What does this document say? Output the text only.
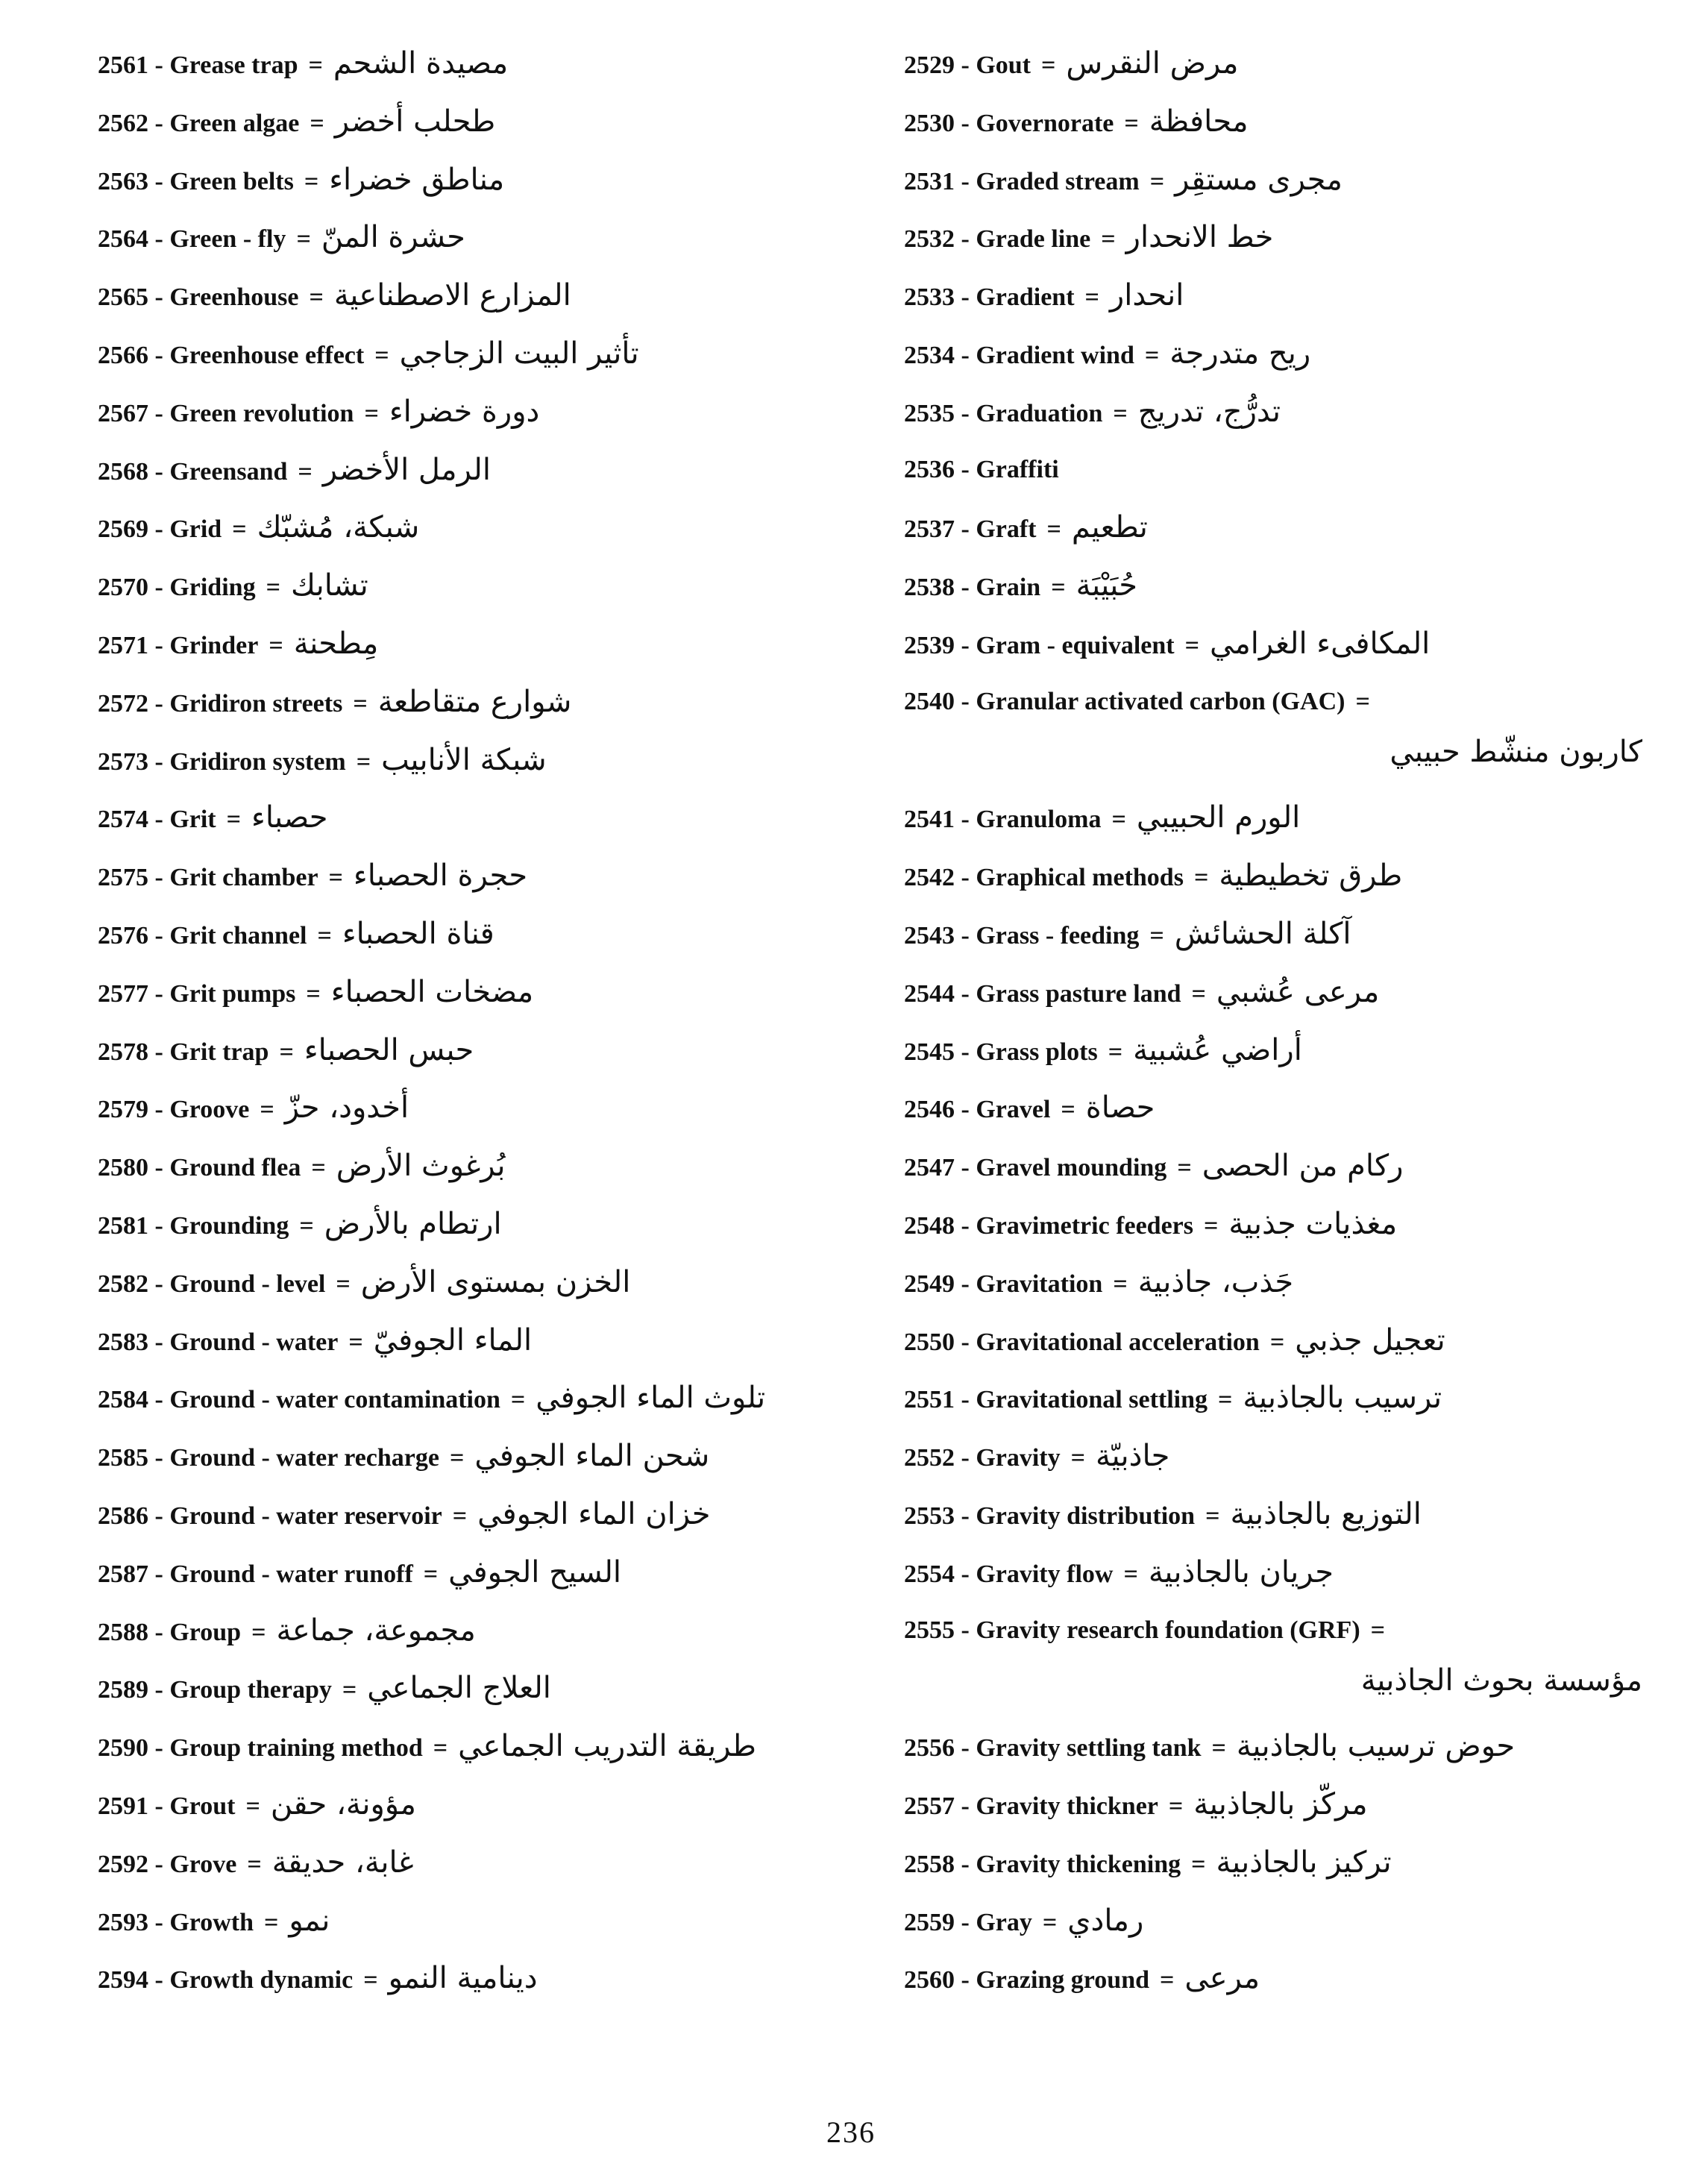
2561 - Grease trap = مصيدة الشحم
2562 - Green algae = طحلب أخضر
2563 - Green belts = مناطق خضراء
2564 - Green - fly = حشرة المنّ
2565 - Greenhouse = المزارع الاصطناعية
2566 - Greenhouse effect = تأثير البيت الزجاجي
2567 - Green revolution = دورة خضراء
2568 - Greensand = الرمل الأخضر
2569 - Grid = شبكة، مُشبّك
2570 - Griding = تشابك
2571 - Grinder = مِطحنة
2572 - Gridiron streets = شوارع متقاطعة
2573 - Gridiron system = شبكة الأنابيب
2574 - Grit = حصباء
2575 - Grit chamber = حجرة الحصباء
2576 - Grit channel = قناة الحصباء
2577 - Grit pumps = مضخات الحصباء
2578 - Grit trap = حبس الحصباء
2579 - Groove = أخدود، حزّ
2580 - Ground flea = بُرغوث الأرض
2581 - Grounding = ارتطام بالأرض
2582 - Ground - level = الخزن بمستوى الأرض
2583 - Ground - water = الماء الجوفيّ
2584 - Ground - water contamination = تلوث الماء الجوفي
2585 - Ground - water recharge = شحن الماء الجوفي
2586 - Ground - water reservoir = خزان الماء الجوفي
2587 - Ground - water runoff = السيح الجوفي
2588 - Group = مجموعة، جماعة
2589 - Group therapy = العلاج الجماعي
2590 - Group training method = طريقة التدريب الجماعي
2591 - Grout = مؤونة، حقن
2592 - Grove = غابة، حديقة
2593 - Growth = نمو
2594 - Growth dynamic = دينامية النمو
2529 - Gout = مرض النقرس
2530 - Governorate = محافظة
2531 - Graded stream = مجرى مستقِر
2532 - Grade line = خط الانحدار
2533 - Gradient = انحدار
2534 - Gradient wind = ريح متدرجة
2535 - Graduation = تدرُّج، تدريج
2536 - Graffiti
2537 - Graft = تطعيم
2538 - Grain = حُبَيْبَة
2539 - Gram - equivalent = المكافىء الغرامي
2540 - Granular activated carbon (GAC) =
كاربون منشّط حبيبي
2541 - Granuloma = الورم الحبيبي
2542 - Graphical methods = طرق تخطيطية
2543 - Grass - feeding = آكلة الحشائش
2544 - Grass pasture land = مرعى عُشبي
2545 - Grass plots = أراضي عُشبية
2546 - Gravel = حصاة
2547 - Gravel mounding = ركام من الحصى
2548 - Gravimetric feeders = مغذيات جذبية
2549 - Gravitation = جَذب، جاذبية
2550 - Gravitational acceleration = تعجيل جذبي
2551 - Gravitational settling = ترسيب بالجاذبية
2552 - Gravity = جاذبيّة
2553 - Gravity distribution = التوزيع بالجاذبية
2554 - Gravity flow = جريان بالجاذبية
2555 - Gravity research foundation (GRF) =
مؤسسة بحوث الجاذبية
2556 - Gravity settling tank = حوض ترسيب بالجاذبية
2557 - Gravity thickner = مركّز بالجاذبية
2558 - Gravity thickening = تركيز بالجاذبية
2559 - Gray = رمادي
2560 - Grazing ground = مرعى
236
